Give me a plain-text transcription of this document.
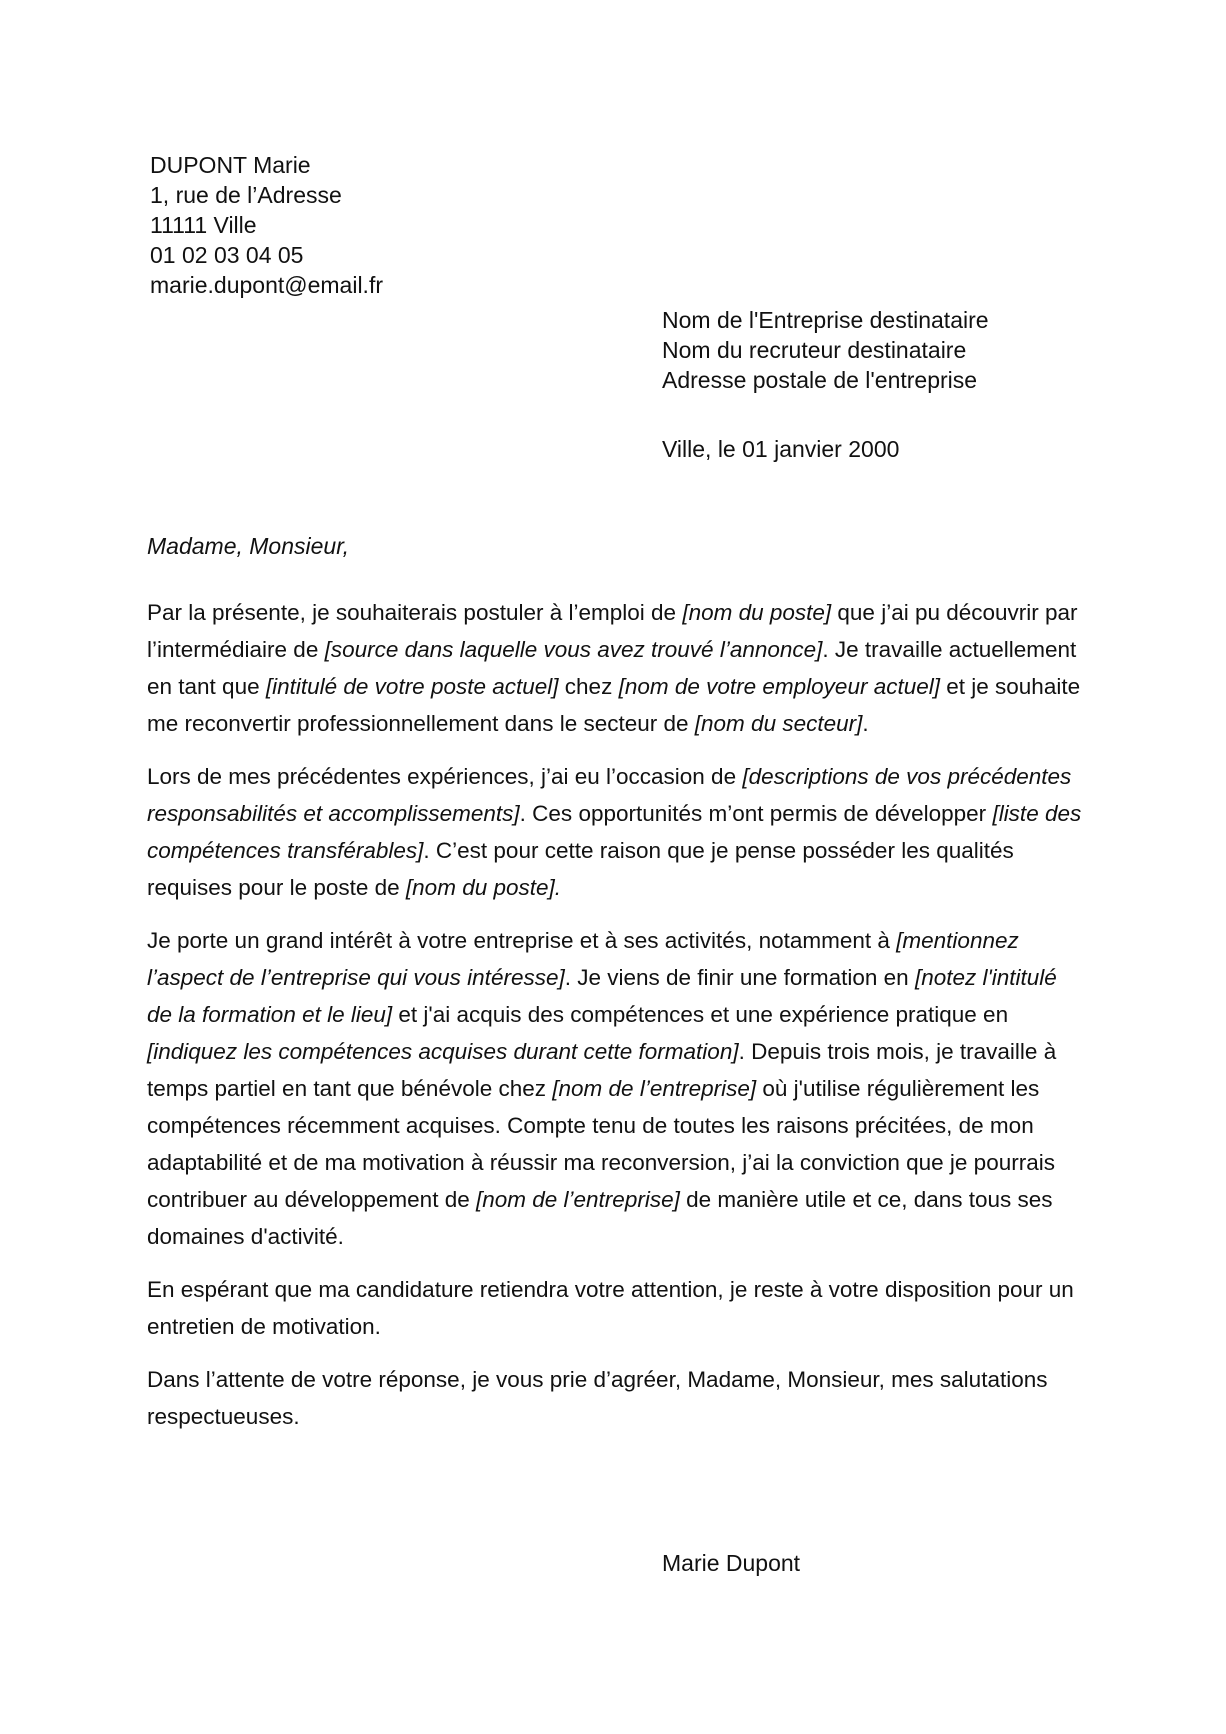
DUPONT Marie
1, rue de l’Adresse
11111 Ville
01 02 03 04 05
marie.dupont@email.fr
Nom de l'Entreprise destinataire
Nom du recruteur destinataire
Adresse postale de l'entreprise
Ville, le 01 janvier 2000
Madame, Monsieur,

Par la présente, je souhaiterais postuler à l’emploi de [nom du poste] que j’ai pu découvrir par l’intermédiaire de [source dans laquelle vous avez trouvé l’annonce]. Je travaille actuellement en tant que [intitulé de votre poste actuel] chez [nom de votre employeur actuel] et je souhaite me reconvertir professionnellement dans le secteur de [nom du secteur].

Lors de mes précédentes expériences, j’ai eu l’occasion de [descriptions de vos précédentes responsabilités et accomplissements]. Ces opportunités m’ont permis de développer [liste des compétences transférables]. C’est pour cette raison que je pense posséder les qualités requises pour le poste de [nom du poste].

Je porte un grand intérêt à votre entreprise et à ses activités, notamment à [mentionnez l’aspect de l’entreprise qui vous intéresse]. Je viens de finir une formation en [notez l'intitulé de la formation et le lieu] et j'ai acquis des compétences et une expérience pratique en [indiquez les compétences acquises durant cette formation]. Depuis trois mois, je travaille à temps partiel en tant que bénévole chez [nom de l’entreprise] où j'utilise régulièrement les compétences récemment acquises. Compte tenu de toutes les raisons précitées, de mon adaptabilité et de ma motivation à réussir ma reconversion, j’ai la conviction que je pourrais contribuer au développement de [nom de l’entreprise] de manière utile et ce, dans tous ses domaines d'activité.

En espérant que ma candidature retiendra votre attention, je reste à votre disposition pour un entretien de motivation.

Dans l’attente de votre réponse, je vous prie d’agréer, Madame, Monsieur, mes salutations respectueuses.

Marie Dupont
